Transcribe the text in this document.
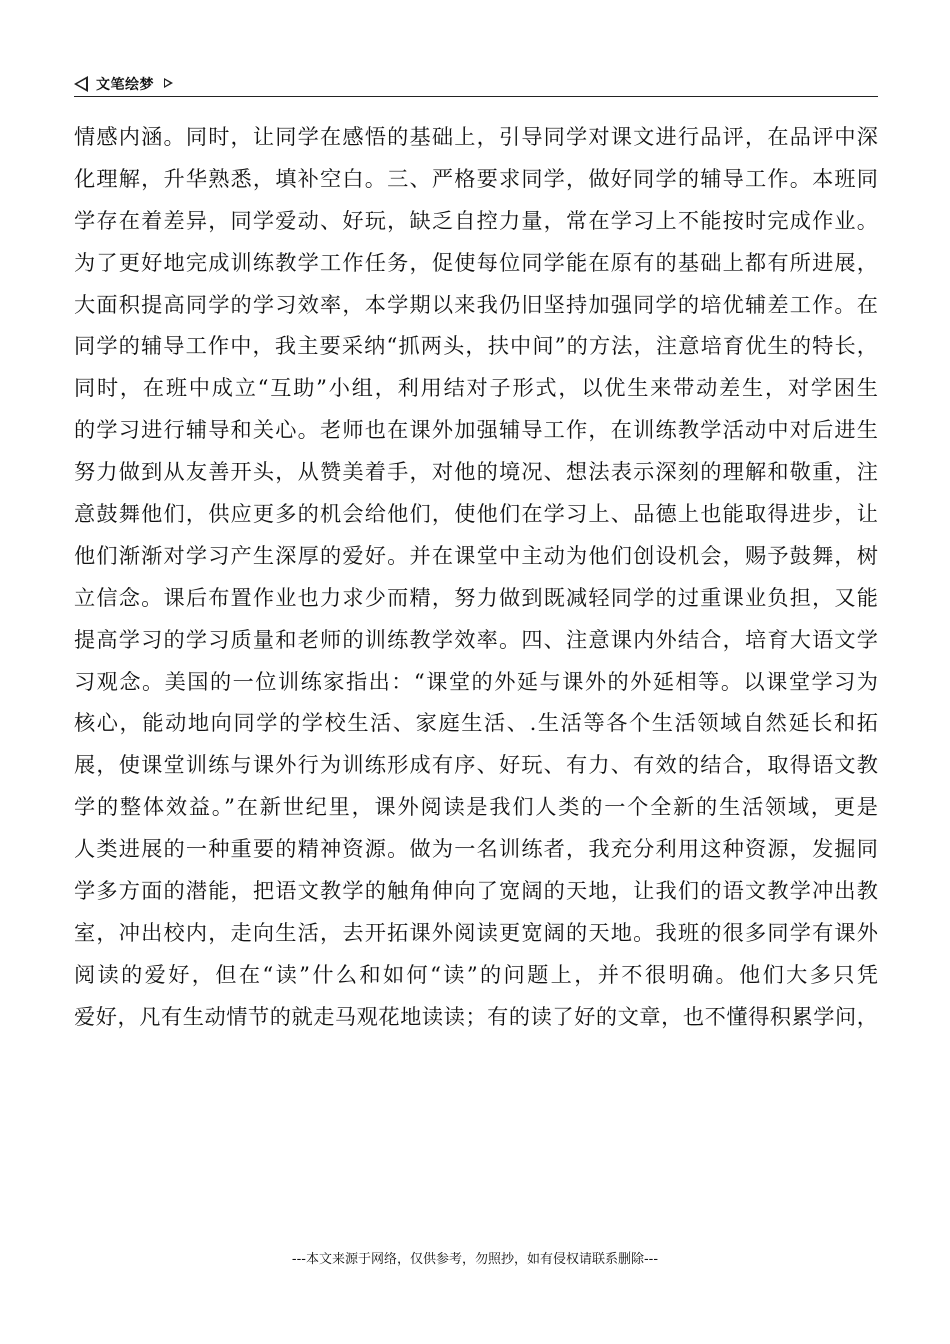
文笔绘梦
情感内涵。同时，让同学在感悟的基础上，引导同学对课文进行品评，在品评中深
化理解，升华熟悉，填补空白。三、严格要求同学，做好同学的辅导工作。本班同
学存在着差异，同学爱动、好玩，缺乏自控力量，常在学习上不能按时完成作业。
为了更好地完成训练教学工作任务，促使每位同学能在原有的基础上都有所进展，
大面积提高同学的学习效率，本学期以来我仍旧坚持加强同学的培优辅差工作。在
同学的辅导工作中，我主要采纳“抓两头，扶中间”的方法，注意培育优生的特长，
同时，在班中成立“互助”小组，利用结对子形式，以优生来带动差生，对学困生
的学习进行辅导和关心。老师也在课外加强辅导工作，在训练教学活动中对后进生
努力做到从友善开头，从赞美着手，对他的境况、想法表示深刻的理解和敬重，注
意鼓舞他们，供应更多的机会给他们，使他们在学习上、品德上也能取得进步，让
他们渐渐对学习产生深厚的爱好。并在课堂中主动为他们创设机会，赐予鼓舞，树
立信念。课后布置作业也力求少而精，努力做到既减轻同学的过重课业负担，又能
提高学习的学习质量和老师的训练教学效率。四、注意课内外结合，培育大语文学
习观念。美国的一位训练家指出：“课堂的外延与课外的外延相等。以课堂学习为
核心，能动地向同学的学校生活、家庭生活、.生活等各个生活领域自然延长和拓
展，使课堂训练与课外行为训练形成有序、好玩、有力、有效的结合，取得语文教
学的整体效益。”在新世纪里，课外阅读是我们人类的一个全新的生活领域，更是
人类进展的一种重要的精神资源。做为一名训练者，我充分利用这种资源，发掘同
学多方面的潜能，把语文教学的触角伸向了宽阔的天地，让我们的语文教学冲出教
室，冲出校内，走向生活，去开拓课外阅读更宽阔的天地。我班的很多同学有课外
阅读的爱好，但在“读”什么和如何“读”的问题上，并不很明确。他们大多只凭
爱好，凡有生动情节的就走马观花地读读；有的读了好的文章，也不懂得积累学问，
---本文来源于网络，仅供参考，勿照抄，如有侵权请联系删除---
